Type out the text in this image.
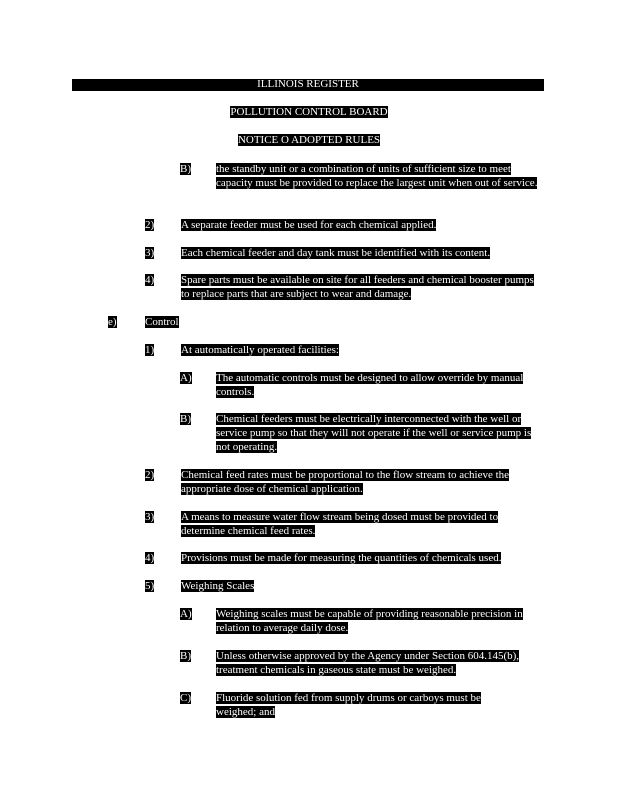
ILLINOIS REGISTER
POLLUTION CONTROL BOARD
NOTICE O ADOPTED RULES
B) the standby unit or a combination of units of sufficient size to meet capacity must be provided to replace the largest unit when out of service.
2) A separate feeder must be used for each chemical applied.
3) Each chemical feeder and day tank must be identified with its content.
4) Spare parts must be available on site for all feeders and chemical booster pumps to replace parts that are subject to wear and damage.
e)	Control
1) At automatically operated facilities:
A) The automatic controls must be designed to allow override by manual controls.
B) Chemical feeders must be electrically interconnected with the well or service pump so that they will not operate if the well or service pump is not operating.
2) Chemical feed rates must be proportional to the flow stream to achieve the appropriate dose of chemical application.
3) A means to measure water flow stream being dosed must be provided to determine chemical feed rates.
4) Provisions must be made for measuring the quantities of chemicals used.
5) Weighing Scales
A) Weighing scales must be capable of providing reasonable precision in relation to average daily dose.
B) Unless otherwise approved by the Agency under Section 604.145(b), treatment chemicals in gaseous state must be weighed.
C) Fluoride solution fed from supply drums or carboys must be weighed; and
